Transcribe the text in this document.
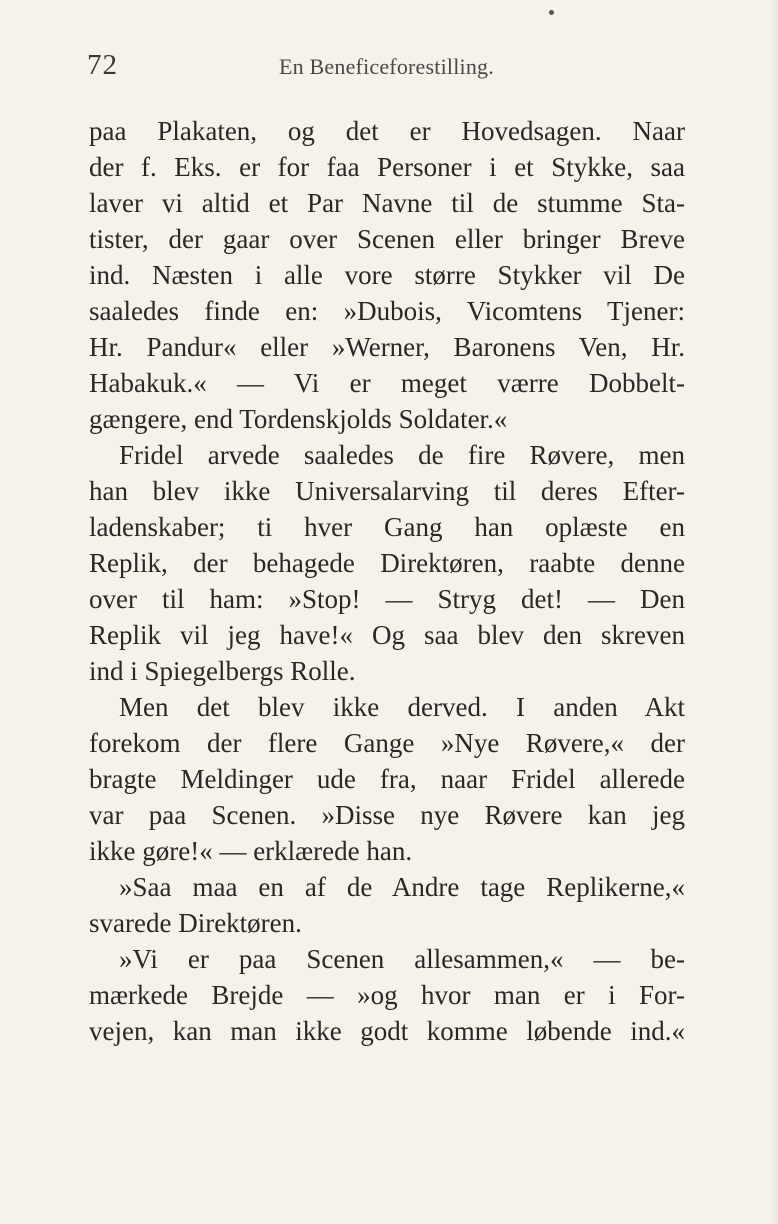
72	En Beneficeforestilling.
paa Plakaten, og det er Hovedsagen. Naar
der f. Eks. er for faa Personer i et Stykke, saa
laver vi altid et Par Navne til de stumme Sta-
tister, der gaar over Scenen eller bringer Breve
ind. Næsten i alle vore større Stykker vil De
saaledes finde en: »Dubois, Vicomtens Tjener:
Hr. Pandur« eller »Werner, Baronens Ven, Hr.
Habakuk.« — Vi er meget værre Dobbelt-
gængere, end Tordenskjolds Soldater.«
Fridel arvede saaledes de fire Røvere, men
han blev ikke Universalarving til deres Efter-
ladenskaber; ti hver Gang han oplæste en
Replik, der behagede Direktøren, raabte denne
over til ham: »Stop! — Stryg det! — Den
Replik vil jeg have!« Og saa blev den skreven
ind i Spiegelbergs Rolle.
Men det blev ikke derved. I anden Akt
forekom der flere Gange »Nye Røvere,« der
bragte Meldinger ude fra, naar Fridel allerede
var paa Scenen. »Disse nye Røvere kan jeg
ikke gøre!« — erklærede han.
»Saa maa en af de Andre tage Replikerne,«
svarede Direktøren.
»Vi er paa Scenen allesammen,« — be-
mærkede Brejde — »og hvor man er i For-
vejen, kan man ikke godt komme løbende ind.«
